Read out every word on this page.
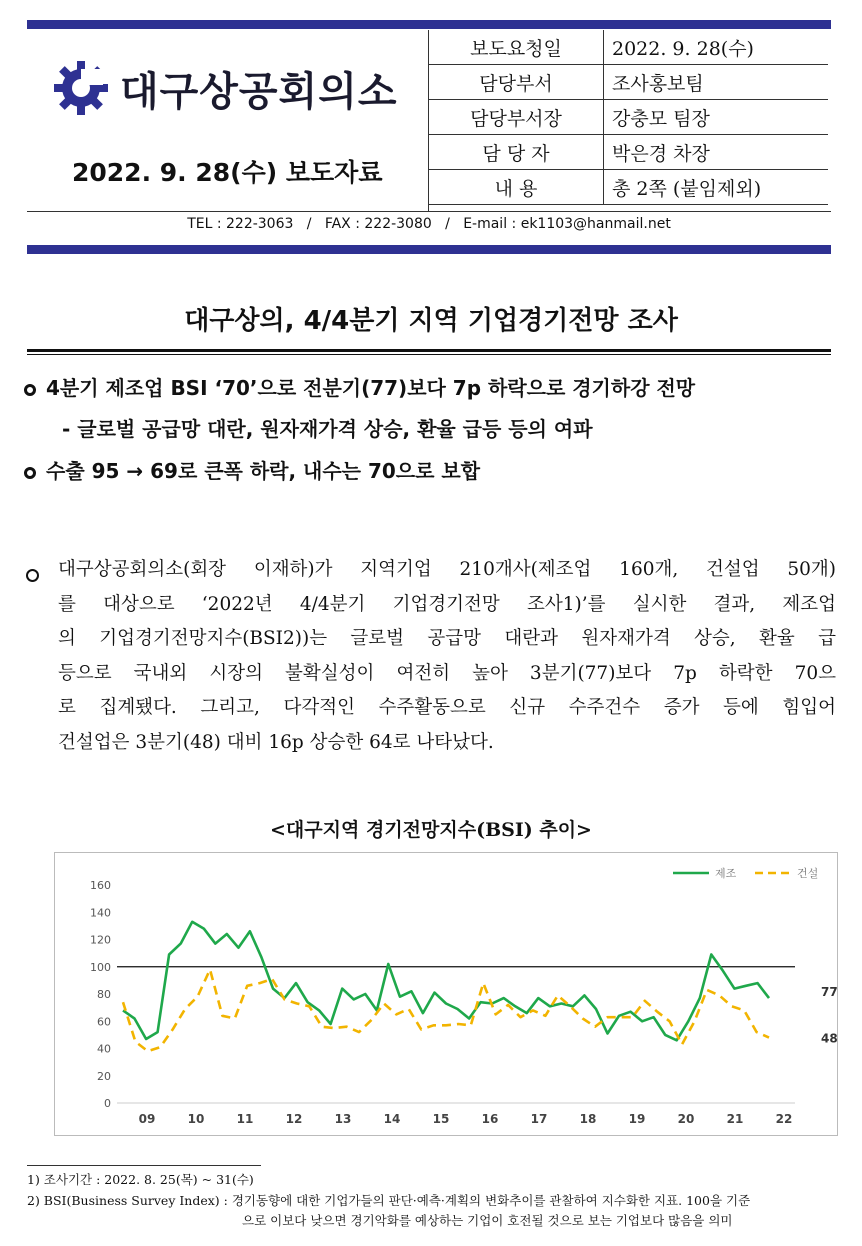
대구상공회의소
2022. 9. 28(수) 보도자료
보도요청일	2022. 9. 28(수)
담당부서	조사홍보팀
담당부서장	강충모 팀장
담 당 자	박은경 차장
내 용	총 2쪽 (붙임제외)
TEL : 222-3063   /   FAX : 222-3080   /   E-mail : ek1103@hanmail.net
대구상의, 4/4분기 지역 기업경기전망 조사
4분기 제조업 BSI ‘70’으로 전분기(77)보다 7p 하락으로 경기하강 전망
- 글로벌 공급망 대란, 원자재가격 상승, 환율 급등 등의 여파
수출 95 → 69로 큰폭 하락, 내수는 70으로 보합
대구상공회의소(회장 이재하)가 지역기업 210개사(제조업 160개, 건설업 50개)
를 대상으로 ‘2022년 4/4분기 기업경기전망 조사1)’를 실시한 결과, 제조업
의 기업경기전망지수(BSI2))는 글로벌 공급망 대란과 원자재가격 상승, 환율 급
등으로 국내외 시장의 불확실성이 여전히 높아 3분기(77)보다 7p 하락한 70으
로 집계됐다. 그리고, 다각적인 수주활동으로 신규 수주건수 증가 등에 힘입어
건설업은 3분기(48) 대비 16p 상승한 64로 나타났다.
<대구지역 경기전망지수(BSI) 추이>
0
20
40
60
80
100
120
140
160
09	10	11	12	13	14	15	16	17	18	19	20	21	22
77
48
제조	건설
1) 조사기간 : 2022. 8. 25(목) ~ 31(수)
2) BSI(Business Survey Index) : 경기동향에 대한 기업가들의 판단·예측·계획의 변화추이를 관찰하여 지수화한 지표. 100을 기준
으로 이보다 낮으면 경기악화를 예상하는 기업이 호전될 것으로 보는 기업보다 많음을 의미
